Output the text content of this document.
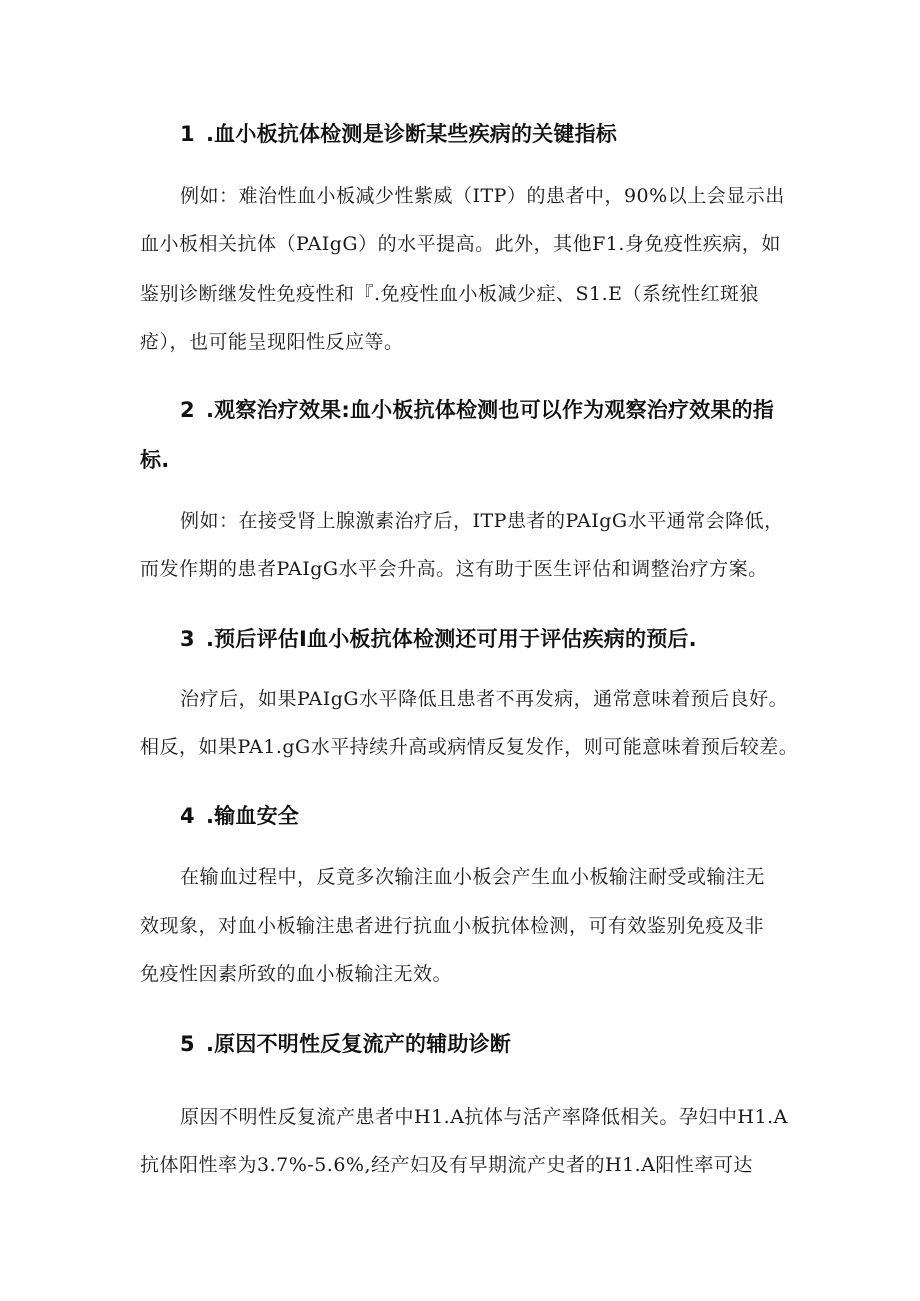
1 .血小板抗体检测是诊断某些疾病的关键指标
例如：难治性血小板减少性紫威（ITP）的患者中，90%以上会显示出
血小板相关抗体（PAIgG）的水平提高。此外，其他F1.身免疫性疾病，如
鉴别诊断继发性免疫性和『.免疫性血小板减少症、S1.E（系统性红斑狼
疮），也可能呈现阳性反应等。
2 .观察治疗效果:血小板抗体检测也可以作为观察治疗效果的指
标.
例如：在接受肾上腺激素治疗后，ITP患者的PAIgG水平通常会降低，
而发作期的患者PAIgG水平会升高。这有助于医生评估和调整治疗方案。
3 .预后评估I血小板抗体检测还可用于评估疾病的预后.
治疗后，如果PAIgG水平降低且患者不再发病，通常意味着预后良好。
相反，如果PA1.gG水平持续升高或病情反复发作，则可能意味着预后较差。
4 .输血安全
在输血过程中，反竟多次输注血小板会产生血小板输注耐受或输注无
效现象，对血小板输注患者进行抗血小板抗体检测，可有效鉴别免疫及非
免疫性因素所致的血小板输注无效。
5 .原因不明性反复流产的辅助诊断
原因不明性反复流产患者中H1.A抗体与活产率降低相关。孕妇中H1.A
抗体阳性率为3.7%-5.6%,经产妇及有早期流产史者的H1.A阳性率可达
